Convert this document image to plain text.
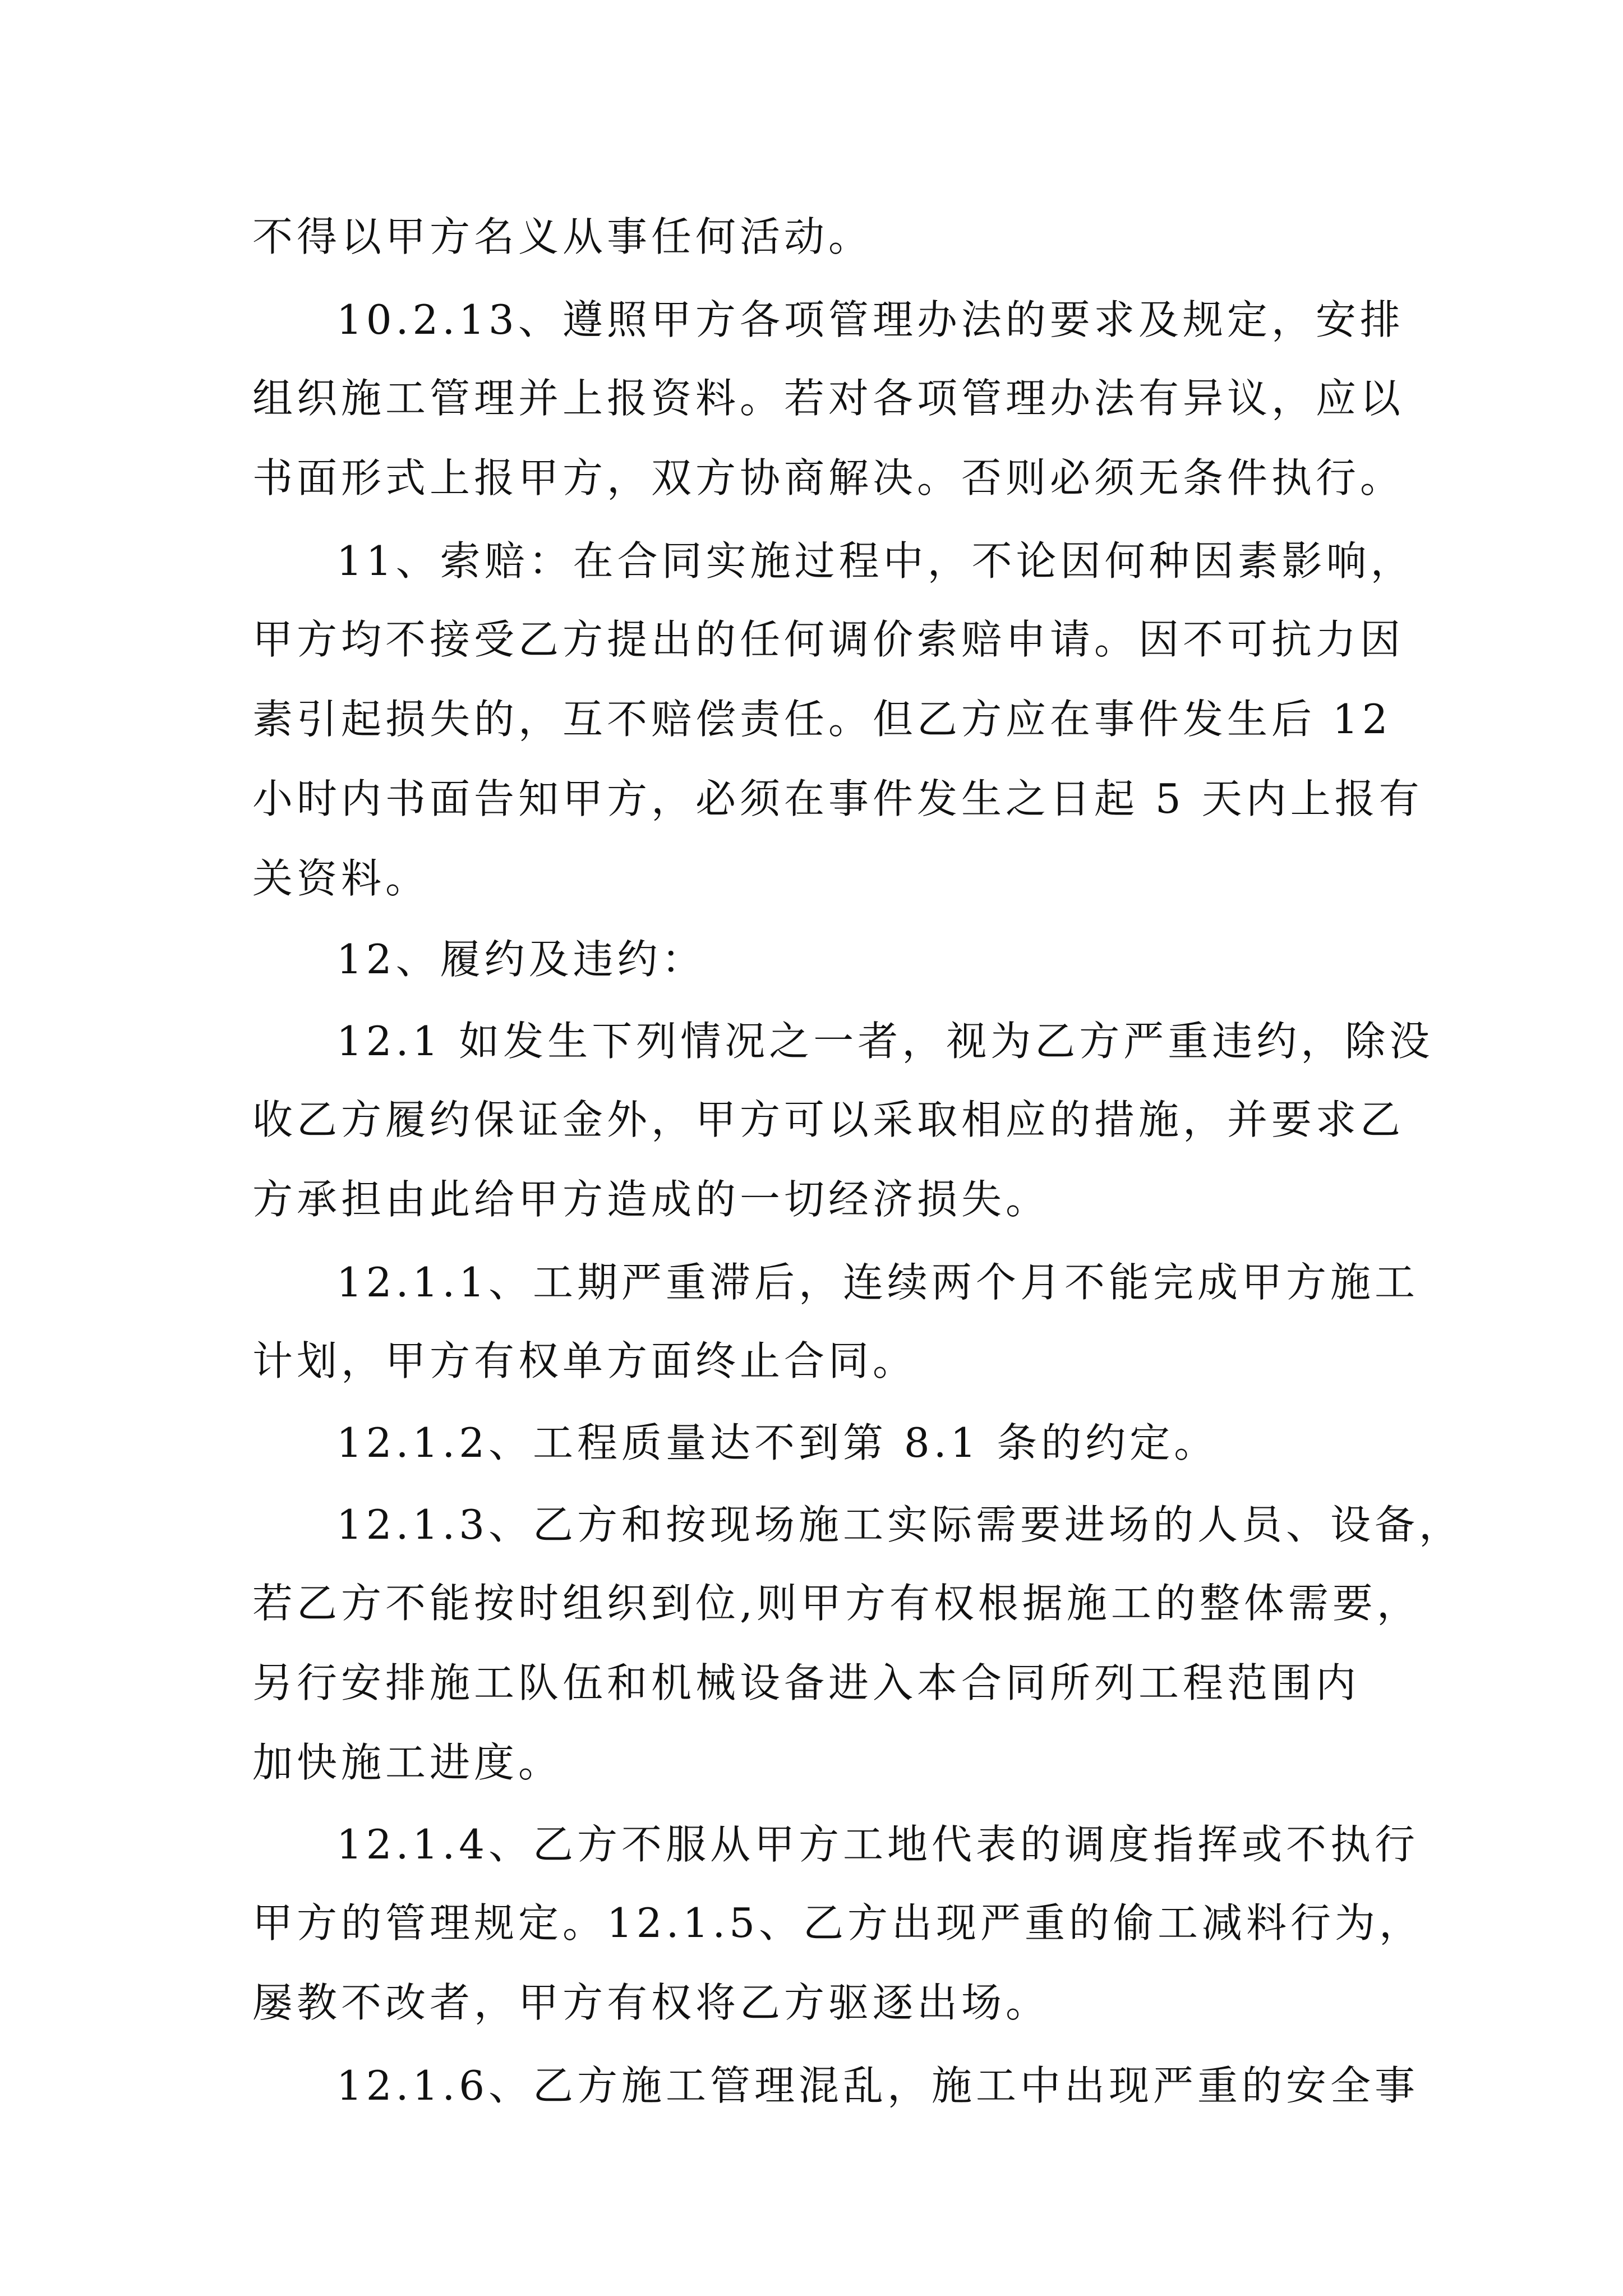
不得以甲方名义从事任何活动。

10.2.13、遵照甲方各项管理办法的要求及规定，安排

组织施工管理并上报资料。若对各项管理办法有异议，应以

书面形式上报甲方，双方协商解决。否则必须无条件执行。

11、索赔：在合同实施过程中，不论因何种因素影响，

甲方均不接受乙方提出的任何调价索赔申请。因不可抗力因

素引起损失的，互不赔偿责任。但乙方应在事件发生后 12

小时内书面告知甲方，必须在事件发生之日起 5 天内上报有

关资料。

12、履约及违约：

12.1 如发生下列情况之一者，视为乙方严重违约，除没

收乙方履约保证金外，甲方可以采取相应的措施，并要求乙

方承担由此给甲方造成的一切经济损失。

12.1.1、工期严重滞后，连续两个月不能完成甲方施工

计划，甲方有权单方面终止合同。

12.1.2、工程质量达不到第 8.1 条的约定。

12.1.3、乙方和按现场施工实际需要进场的人员、设备，

若乙方不能按时组织到位,则甲方有权根据施工的整体需要，

另行安排施工队伍和机械设备进入本合同所列工程范围内

加快施工进度。

12.1.4、乙方不服从甲方工地代表的调度指挥或不执行

甲方的管理规定。12.1.5、乙方出现严重的偷工减料行为，

屡教不改者，甲方有权将乙方驱逐出场。

12.1.6、乙方施工管理混乱，施工中出现严重的安全事
